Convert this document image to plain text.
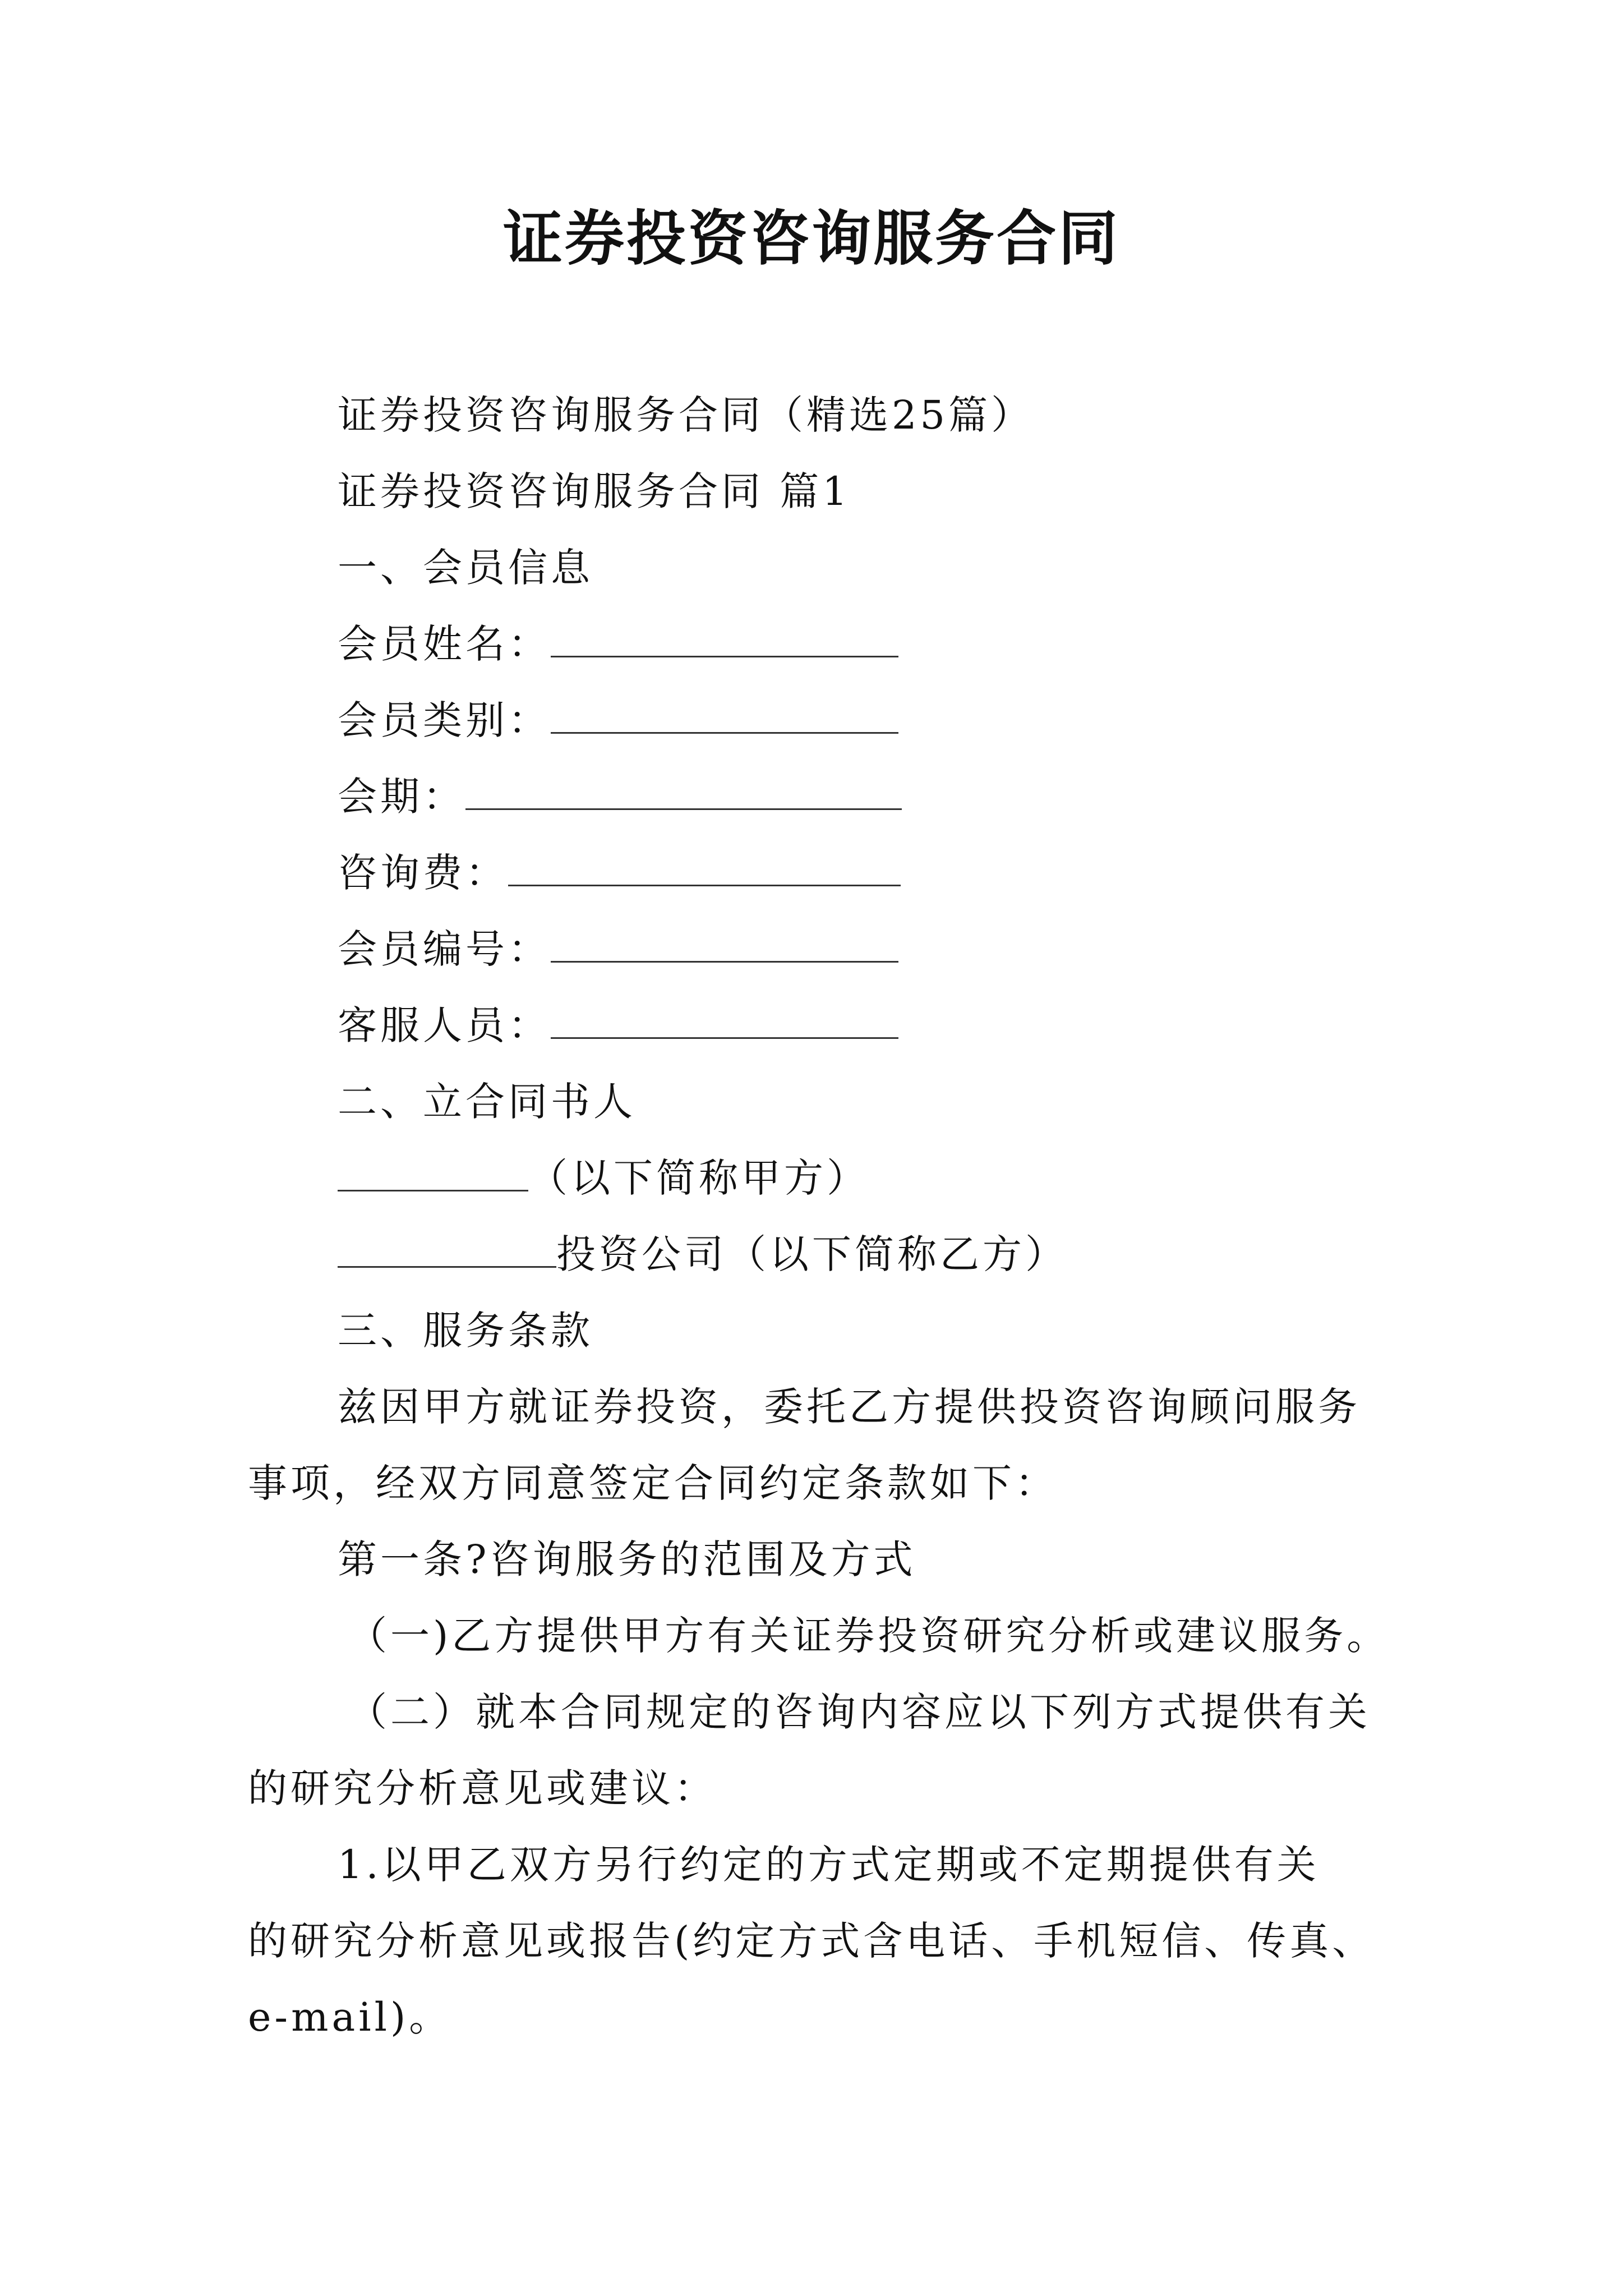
证券投资咨询服务合同
证券投资咨询服务合同（精选25篇）
证券投资咨询服务合同 篇1
一、会员信息
会员姓名：
会员类别：
会期：
咨询费：
会员编号：
客服人员：
二、立合同书人
（以下简称甲方）
投资公司（以下简称乙方）
三、服务条款
兹因甲方就证券投资，委托乙方提供投资咨询顾问服务
事项，经双方同意签定合同约定条款如下：
第一条?咨询服务的范围及方式
（一)乙方提供甲方有关证券投资研究分析或建议服务。
（二）就本合同规定的咨询内容应以下列方式提供有关
的研究分析意见或建议：
1.以甲乙双方另行约定的方式定期或不定期提供有关
的研究分析意见或报告(约定方式含电话、手机短信、传真、
e-mail)。
